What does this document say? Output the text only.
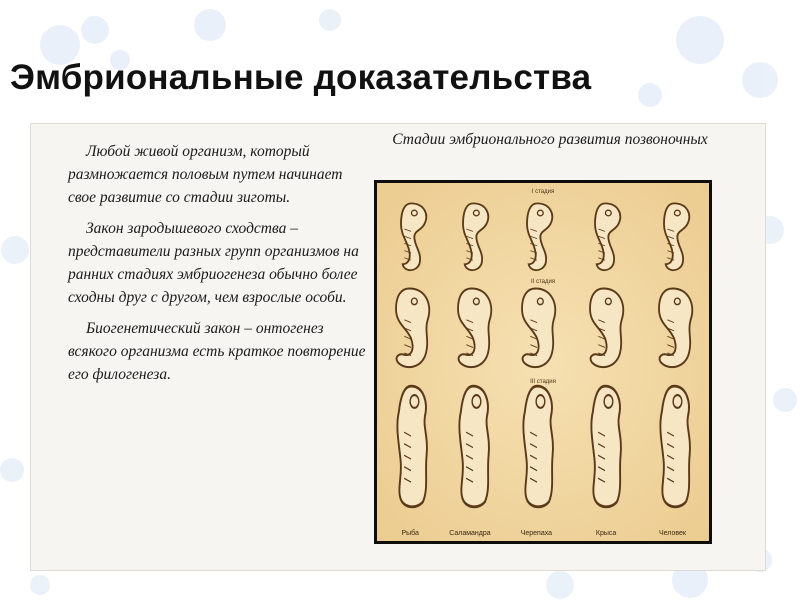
Эмбриональные доказательства

Любой живой организм, который размножается половым путем начинает свое развитие со стадии зиготы.

Закон зародышевого сходства – представители разных групп организмов на ранних стадиях эмбриогенеза обычно более сходны друг с другом, чем взрослые особи.

Биогенетический закон – онтогенез всякого организма есть краткое повторение его филогенеза.

Стадии эмбрионального развития позвоночных
I стадия
II стадия
III стадия
Рыба	Саламандра	Черепаха	Крыса	Человек
